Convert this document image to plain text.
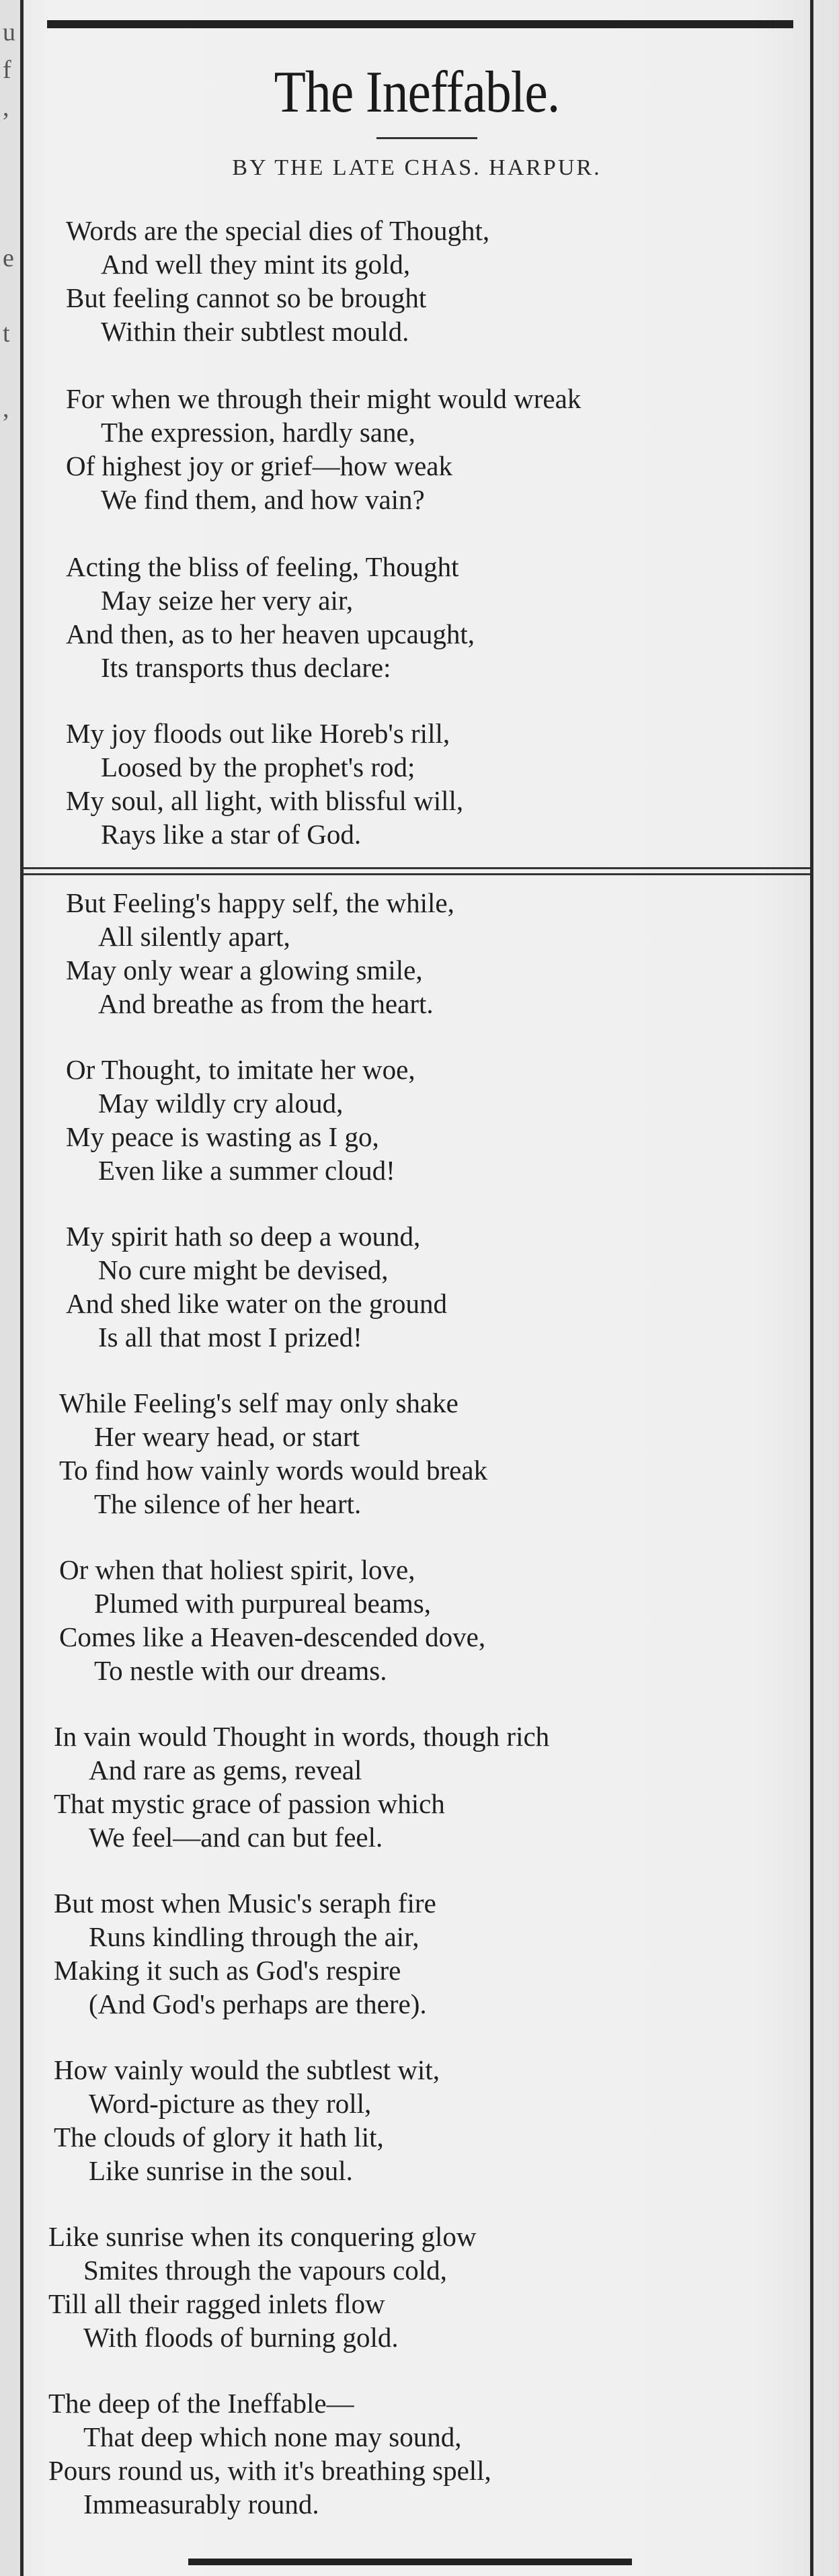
u
f
,

e

t

,
The Ineffable.
BY THE LATE CHAS. HARPUR.
Words are the special dies of Thought,
And well they mint its gold,
But feeling cannot so be brought
Within their subtlest mould.
For when we through their might would wreak
The expression, hardly sane,
Of highest joy or grief—how weak
We find them, and how vain?
Acting the bliss of feeling, Thought
May seize her very air,
And then, as to her heaven upcaught,
Its transports thus declare:
My joy floods out like Horeb's rill,
Loosed by the prophet's rod;
My soul, all light, with blissful will,
Rays like a star of God.
But Feeling's happy self, the while,
All silently apart,
May only wear a glowing smile,
And breathe as from the heart.
Or Thought, to imitate her woe,
May wildly cry aloud,
My peace is wasting as I go,
Even like a summer cloud!
My spirit hath so deep a wound,
No cure might be devised,
And shed like water on the ground
Is all that most I prized!
While Feeling's self may only shake
Her weary head, or start
To find how vainly words would break
The silence of her heart.
Or when that holiest spirit, love,
Plumed with purpureal beams,
Comes like a Heaven-descended dove,
To nestle with our dreams.
In vain would Thought in words, though rich
And rare as gems, reveal
That mystic grace of passion which
We feel—and can but feel.
But most when Music's seraph fire
Runs kindling through the air,
Making it such as God's respire
(And God's perhaps are there).
How vainly would the subtlest wit,
Word-picture as they roll,
The clouds of glory it hath lit,
Like sunrise in the soul.
Like sunrise when its conquering glow
Smites through the vapours cold,
Till all their ragged inlets flow
With floods of burning gold.
The deep of the Ineffable—
That deep which none may sound,
Pours round us, with it's breathing spell,
Immeasurably round.
